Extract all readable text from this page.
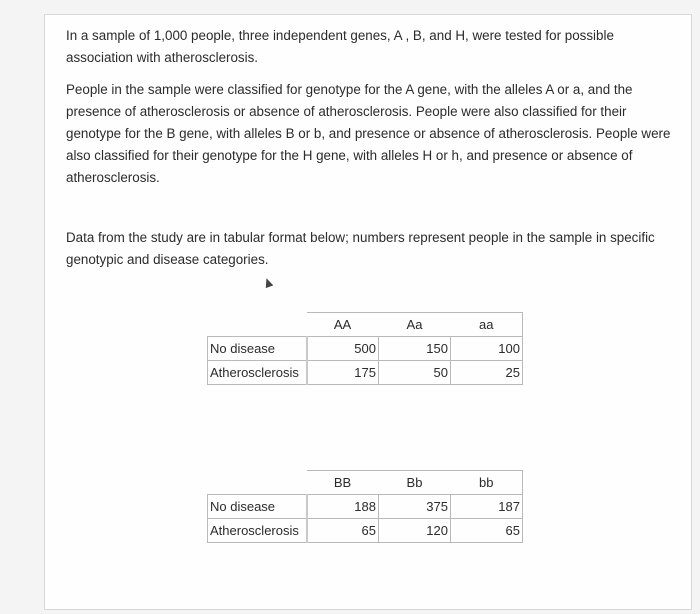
In a sample of 1,000 people, three independent genes, A , B, and H, were tested for possible association with atherosclerosis.

People in the sample were classified for genotype for the A gene, with the alleles A or a, and the presence of atherosclerosis or absence of atherosclerosis. People were also classified for their genotype for the B gene, with alleles B or b, and presence or absence of atherosclerosis. People were also classified for their genotype for the H gene, with alleles H or h, and presence or absence of atherosclerosis.

Data from the study are in tabular format below; numbers represent people in the sample in specific genotypic and disease categories.

	AA	Aa	aa
No disease	500	150	100
Atherosclerosis	175	50	25
	BB	Bb	bb
No disease	188	375	187
Atherosclerosis	65	120	65
